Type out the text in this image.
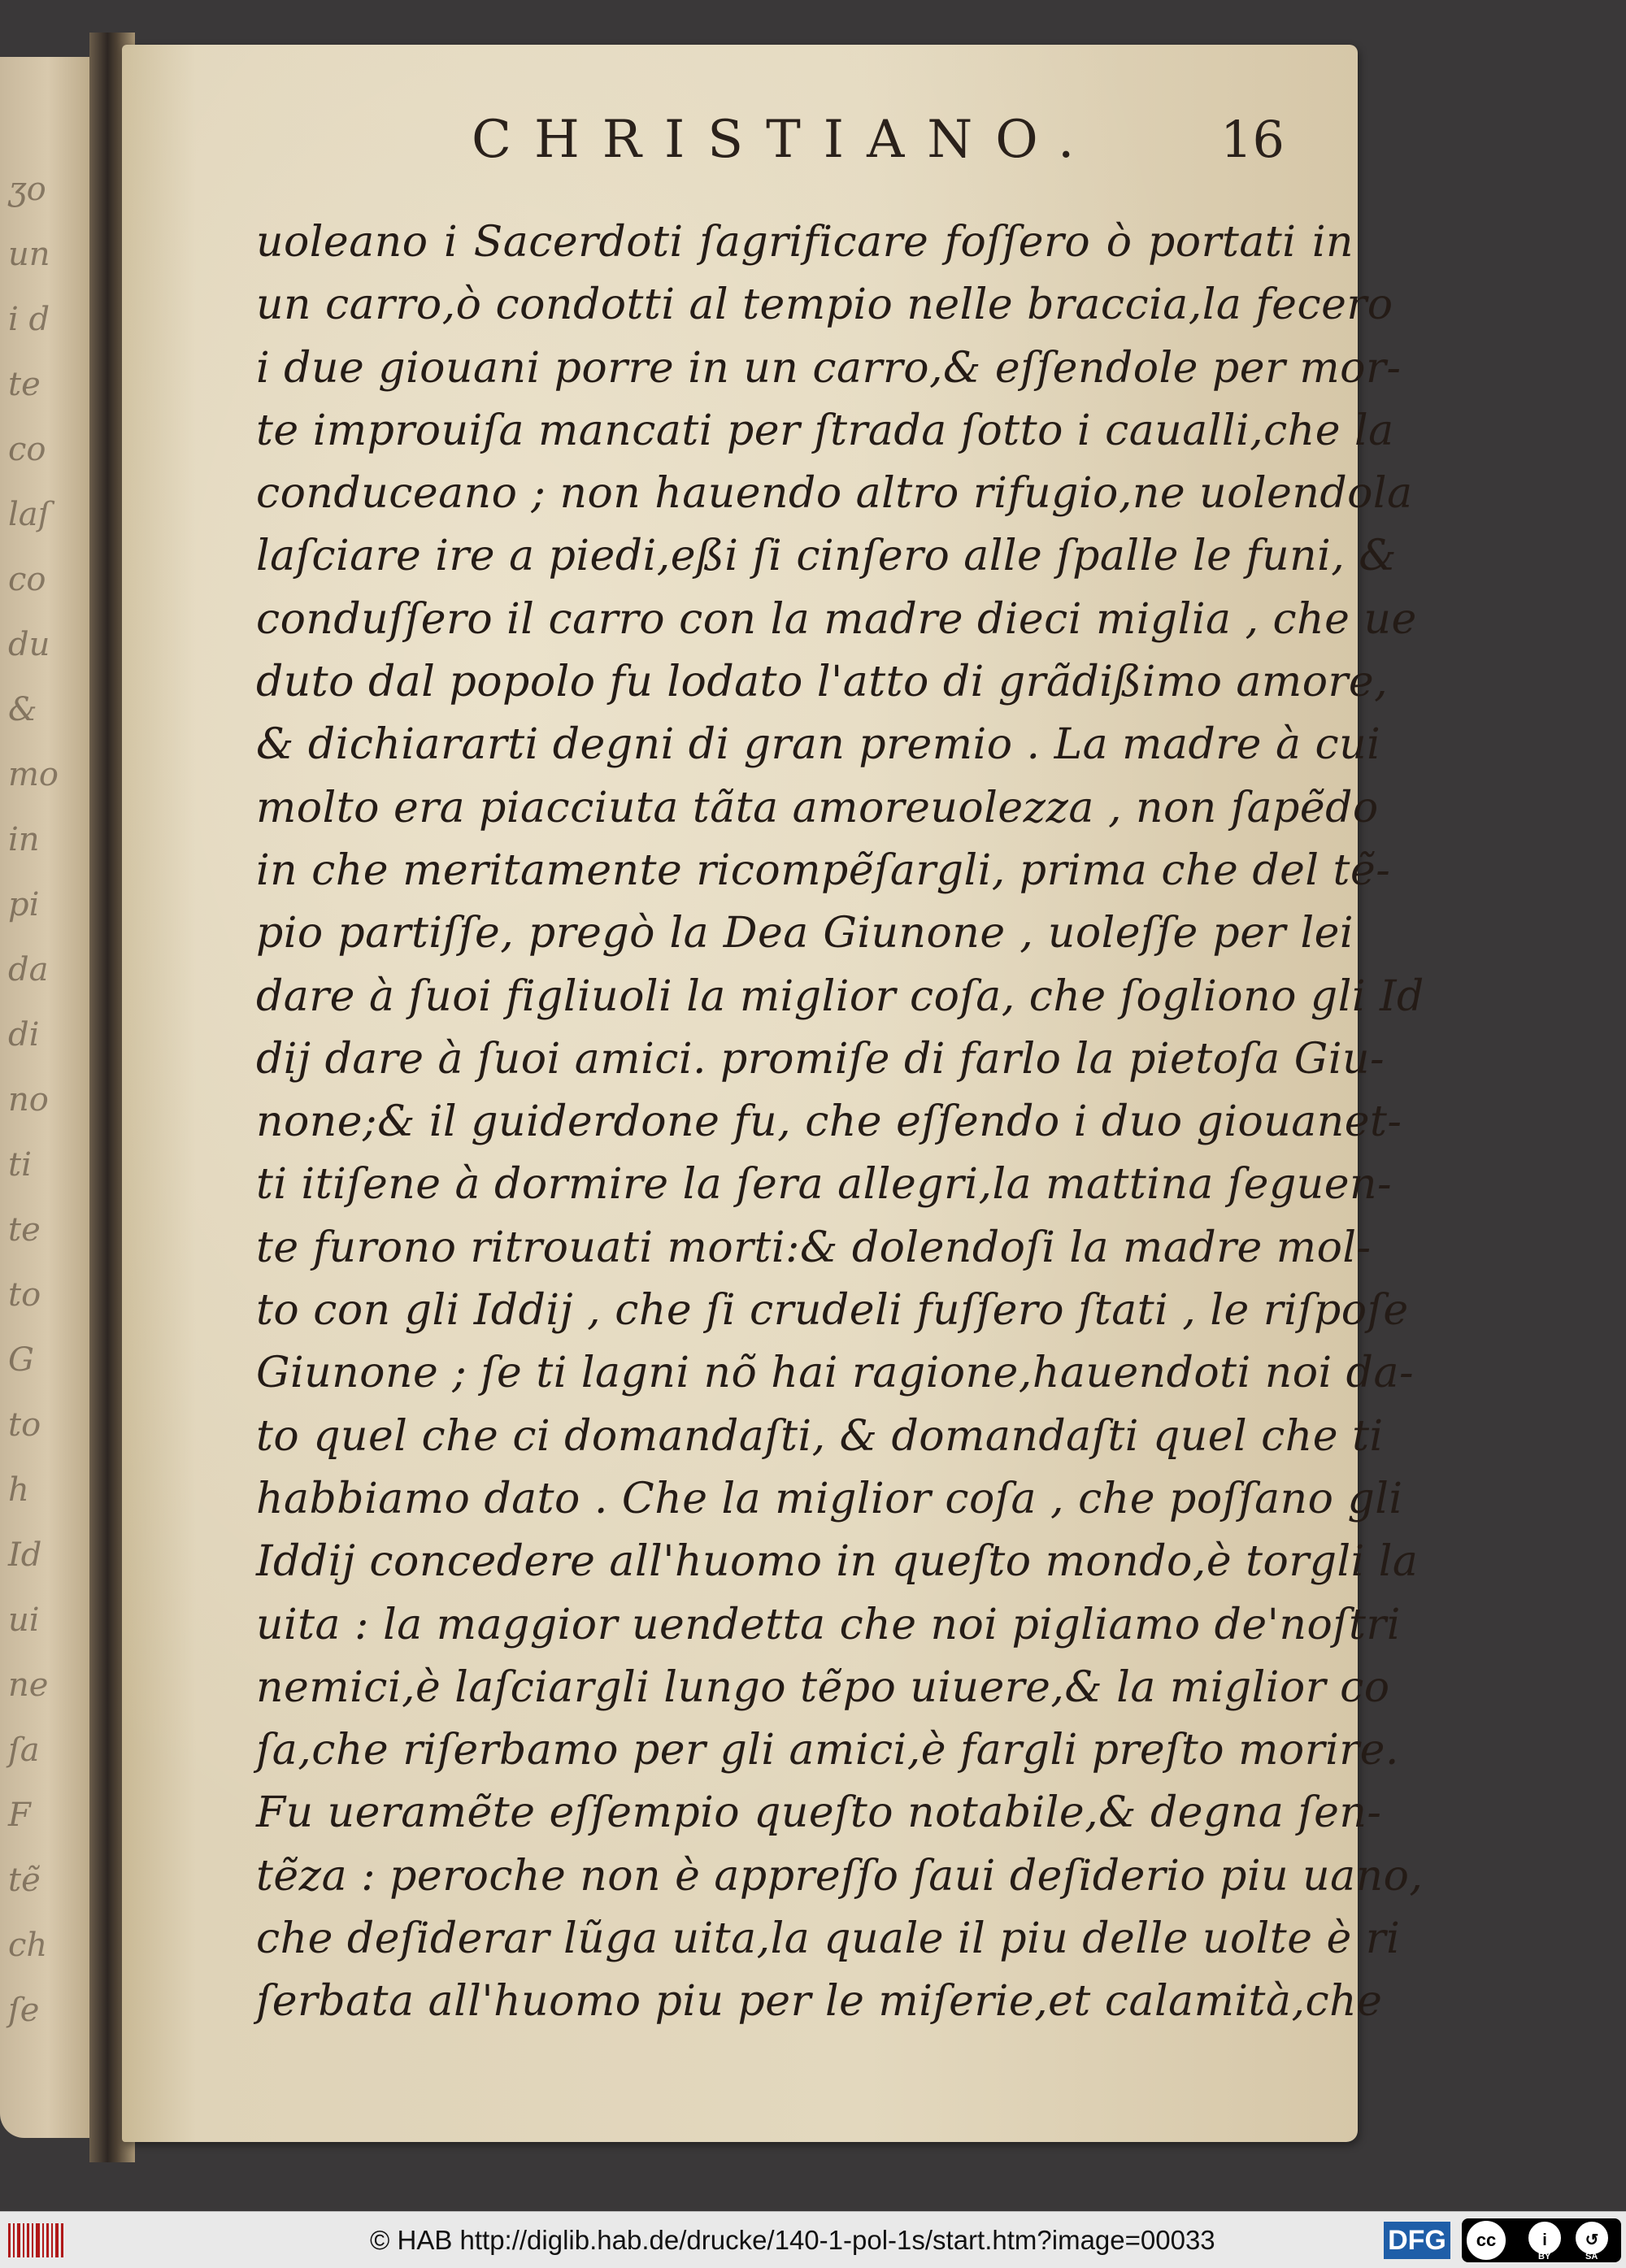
ʒo
un
i d
te
co
laſ
co
du
&
mo
in
pi
da
di
no
ti
te
to
G
to
h
Id
ui
ne
ſa
F
tẽ
ch
ſe
CHRISTIANO. 16
uoleano i Sacerdoti ſagrificare foſſero ò portati in
un carro,ò condotti al tempio nelle braccia,la fecero
i due giouani porre in un carro,& eſſendole per mor-
te improuiſa mancati per ſtrada ſotto i caualli,che la
conduceano ; non hauendo altro rifugio,ne uolendola
laſciare ire a piedi,eßi ſi cinſero alle ſpalle le funi, &
conduſſero il carro con la madre dieci miglia , che ue
duto dal popolo fu lodato l'atto di grãdißimo amore,
& dichiararti degni di gran premio . La madre à cui
molto era piacciuta tãta amoreuolezza , non ſapẽdo
in che meritamente ricompẽſargli, prima che del tẽ-
pio partiſſe, pregò la Dea Giunone , uoleſſe per lei
dare à ſuoi figliuoli la miglior coſa, che ſogliono gli Id
dij dare à ſuoi amici. promiſe di farlo la pietoſa Giu-
none;& il guiderdone fu, che eſſendo i duo giouanet-
ti itiſene à dormire la ſera allegri,la mattina ſeguen-
te furono ritrouati morti:& dolendoſi la madre mol-
to con gli Iddij , che ſi crudeli fuſſero ſtati , le riſpoſe
Giunone ; ſe ti lagni nõ hai ragione,hauendoti noi da-
to quel che ci domandaſti, & domandaſti quel che ti
habbiamo dato . Che la miglior coſa , che poſſano gli
Iddij concedere all'huomo in queſto mondo,è torgli la
uita : la maggior uendetta che noi pigliamo de'noſtri
nemici,è laſciargli lungo tẽpo uiuere,& la miglior co
ſa,che riſerbamo per gli amici,è fargli preſto morire.
Fu ueramẽte eſſempio queſto notabile,& degna ſen-
tẽza : peroche non è appreſſo ſaui deſiderio piu uano,
che deſiderar lũga uita,la quale il piu delle uolte è ri
ſerbata all'huomo piu per le miſerie,et calamità,che
© HAB http://diglib.hab.de/drucke/140-1-pol-1s/start.htm?image=00033	DFG	cc	i	↺
BY	SA
